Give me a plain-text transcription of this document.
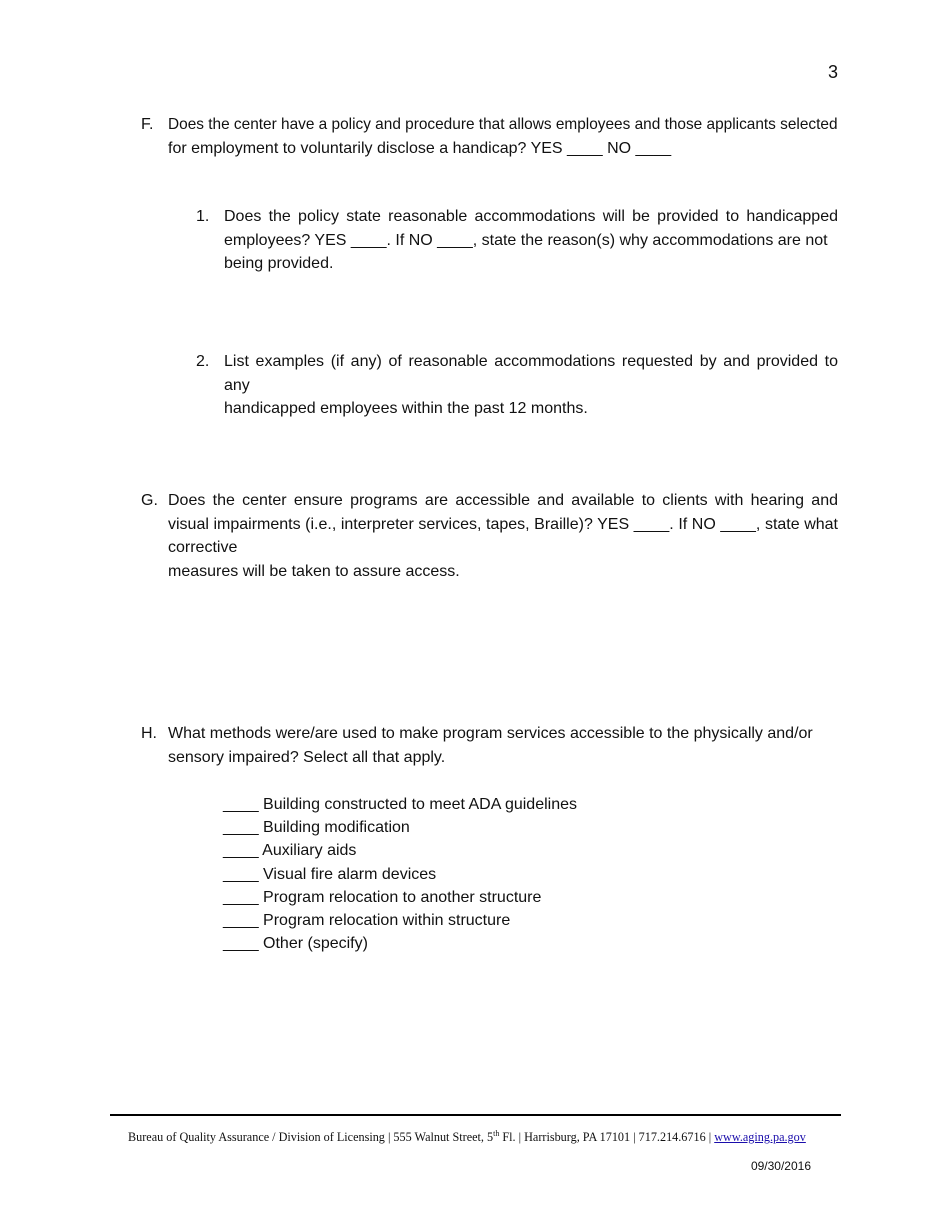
3
F. Does the center have a policy and procedure that allows employees and those applicants selected
for employment to voluntarily disclose a handicap? YES ____ NO ____
1. Does the policy state reasonable accommodations will be provided to handicapped employees? YES ____. If NO ____, state the reason(s) why accommodations are not
being provided.
2. List examples (if any) of reasonable accommodations requested by and provided to any
handicapped employees within the past 12 months.
G. Does the center ensure programs are accessible and available to clients with hearing and visual impairments (i.e., interpreter services, tapes, Braille)? YES ____. If NO ____, state what corrective
measures will be taken to assure access.
H. What methods were/are used to make program services accessible to the physically and/or
sensory impaired? Select all that apply.
____ Building constructed to meet ADA guidelines
____ Building modification
____ Auxiliary aids
____ Visual fire alarm devices
____ Program relocation to another structure
____ Program relocation within structure
____ Other (specify)
Bureau of Quality Assurance / Division of Licensing | 555 Walnut Street, 5th Fl. | Harrisburg, PA 17101 | 717.214.6716 | www.aging.pa.gov
09/30/2016
